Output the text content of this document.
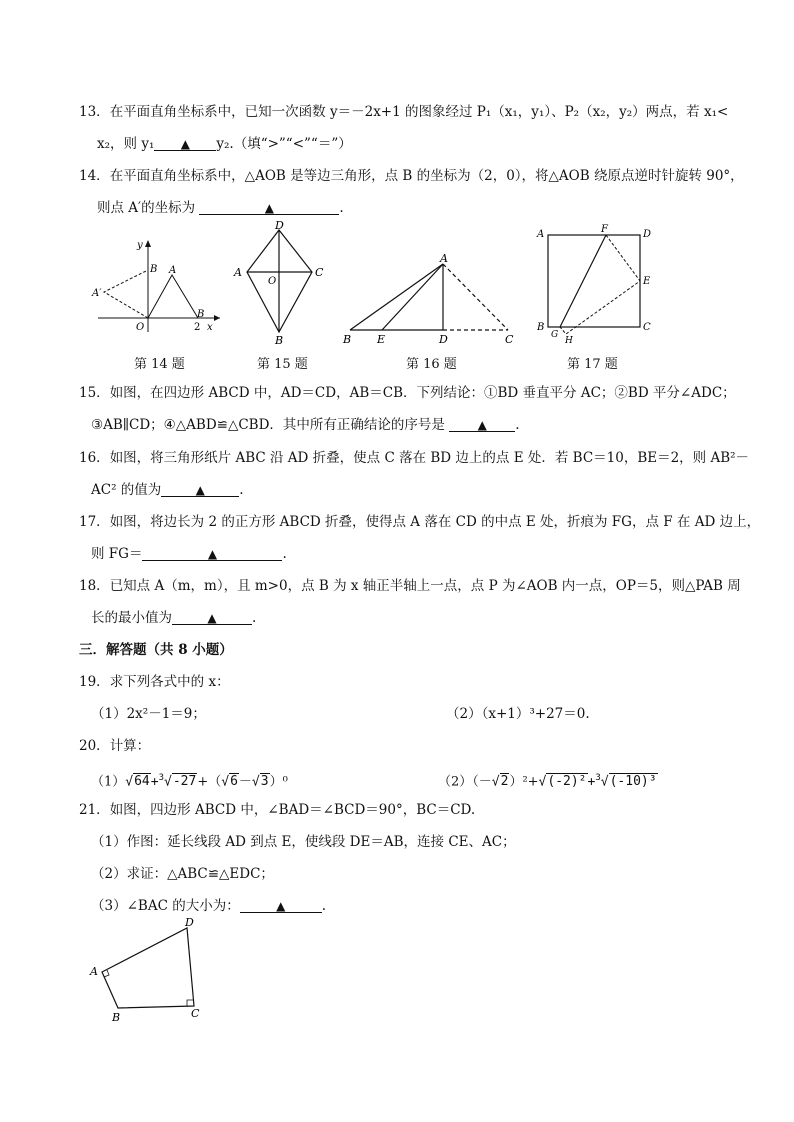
13．在平面直角坐标系中，已知一次函数 y＝－2x+1 的图象经过 P₁（x₁，y₁）、P₂（x₂，y₂）两点，若 x₁<
x₂，则 y₁ ▲ y₂.（填“>”“<”“＝”）
14．在平面直角坐标系中，△AOB 是等边三角形，点 B 的坐标为（2，0），将△AOB 绕原点逆时针旋转 90°，
则点 A′的坐标为	▲	.
y
B A
A′
O
B
2 x
D
A	C
O
B
A
B E	D	C
A	F	D
E
B
G
H
C
第 14 题	第 15 题	第 16 题	第 17 题
15．如图，在四边形 ABCD 中，AD＝CD，AB＝CB．下列结论：①BD 垂直平分 AC；②BD 平分∠ADC；
③AB∥CD；④△ABD≌△CBD．其中所有正确结论的序号是	▲ .
16．如图，将三角形纸片 ABC 沿 AD 折叠，使点 C 落在 BD 边上的点 E 处．若 BC＝10，BE＝2，则 AB²－
AC² 的值为	▲	.
17．如图，将边长为 2 的正方形 ABCD 折叠，使得点 A 落在 CD 的中点 E 处，折痕为 FG，点 F 在 AD 边上，
则 FG＝	▲	.
18．已知点 A（m，m），且 m>0，点 B 为 x 轴正半轴上一点，点 P 为∠AOB 内一点，OP＝5，则△PAB 周
长的最小值为	▲	.
三．解答题（共 8 小题）
19．求下列各式中的 x：
（1）2x²－1＝9；	（2）（x+1）³+27＝0.
20．计算：
（1）√64+$^3$√-27+（√6－√3）⁰	（2）（－√2）²+√(-2)²+$^3$√(-10)³
21．如图，四边形 ABCD 中，∠BAD＝∠BCD＝90°，BC＝CD.
（1）作图：延长线段 AD 到点 E，使线段 DE＝AB，连接 CE、AC；
（2）求证：△ABC≌△EDC；
（3）∠BAC 的大小为：	▲	.
D
A
B	C
